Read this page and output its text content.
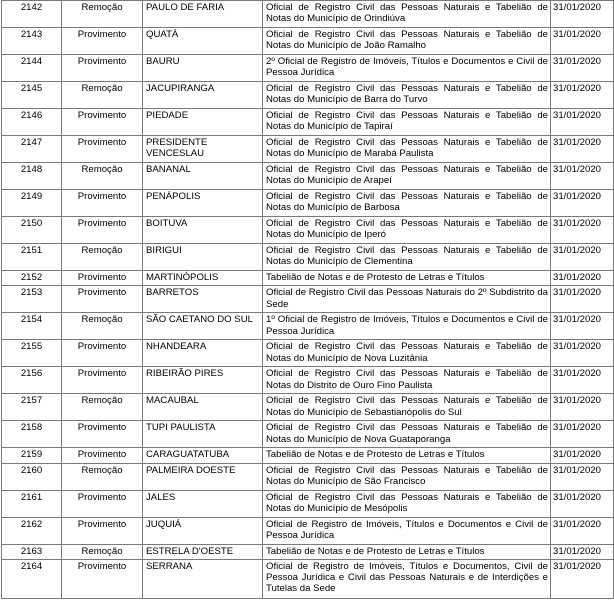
2142	Remoção	PAULO DE FARIA	Oficial de Registro Civil das Pessoas Naturais e Tabelião de Notas do Município de Orindiúva	31/01/2020
2143	Provimento	QUATÁ	Oficial de Registro Civil das Pessoas Naturais e Tabelião de Notas do Município de João Ramalho	31/01/2020
2144	Provimento	BAURU	2º Oficial de Registro de Imóveis, Títulos e Documentos e Civil de Pessoa Jurídica	31/01/2020
2145	Remoção	JACUPIRANGA	Oficial de Registro Civil das Pessoas Naturais e Tabelião de Notas do Município de Barra do Turvo	31/01/2020
2146	Provimento	PIEDADE	Oficial de Registro Civil das Pessoas Naturais e Tabelião de Notas do Município de Tapiraí	31/01/2020
2147	Provimento	PRESIDENTE VENCESLAU	Oficial de Registro Civil das Pessoas Naturais e Tabelião de Notas do Município de Marabá Paulista	31/01/2020
2148	Remoção	BANANAL	Oficial de Registro Civil das Pessoas Naturais e Tabelião de Notas do Município de Arapeí	31/01/2020
2149	Provimento	PENÁPOLIS	Oficial de Registro Civil das Pessoas Naturais e Tabelião de Notas do Município de Barbosa	31/01/2020
2150	Provimento	BOITUVA	Oficial de Registro Civil das Pessoas Naturais e Tabelião de Notas do Município de Iperó	31/01/2020
2151	Remoção	BIRIGUI	Oficial de Registro Civil das Pessoas Naturais e Tabelião de Notas do Município de Clementina	31/01/2020
2152	Provimento	MARTINÓPOLIS	Tabelião de Notas e de Protesto de Letras e Títulos	31/01/2020
2153	Provimento	BARRETOS	Oficial de Registro Civil das Pessoas Naturais do 2º Subdistrito da Sede	31/01/2020
2154	Remoção	SÃO CAETANO DO SUL	1º Oficial de Registro de Imóveis, Títulos e Documentos e Civil de Pessoa Jurídica	31/01/2020
2155	Provimento	NHANDEARA	Oficial de Registro Civil das Pessoas Naturais e Tabelião de Notas do Município de Nova Luzitânia	31/01/2020
2156	Provimento	RIBEIRÃO PIRES	Oficial de Registro Civil das Pessoas Naturais e Tabelião de Notas do Distrito de Ouro Fino Paulista	31/01/2020
2157	Remoção	MACAUBAL	Oficial de Registro Civil das Pessoas Naturais e Tabelião de Notas do Município de Sebastianópolis do Sul	31/01/2020
2158	Provimento	TUPI PAULISTA	Oficial de Registro Civil das Pessoas Naturais e Tabelião de Notas do Município de Nova Guataporanga	31/01/2020
2159	Provimento	CARAGUATATUBA	Tabelião de Notas e de Protesto de Letras e Títulos	31/01/2020
2160	Remoção	PALMEIRA DOESTE	Oficial de Registro Civil das Pessoas Naturais e Tabelião de Notas do Município de São Francisco	31/01/2020
2161	Provimento	JALES	Oficial de Registro Civil das Pessoas Naturais e Tabelião de Notas do Município de Mesópolis	31/01/2020
2162	Provimento	JUQUIÁ	Oficial de Registro de Imóveis, Títulos e Documentos e Civil de Pessoa Jurídica	31/01/2020
2163	Remoção	ESTRELA D'OESTE	Tabelião de Notas e de Protesto de Letras e Títulos	31/01/2020
2164	Provimento	SERRANA	Oficial de Registro de Imóveis, Títulos e Documentos, Civil de Pessoa Jurídica e Civil das Pessoas Naturais e de Interdições e Tutelas da Sede	31/01/2020
